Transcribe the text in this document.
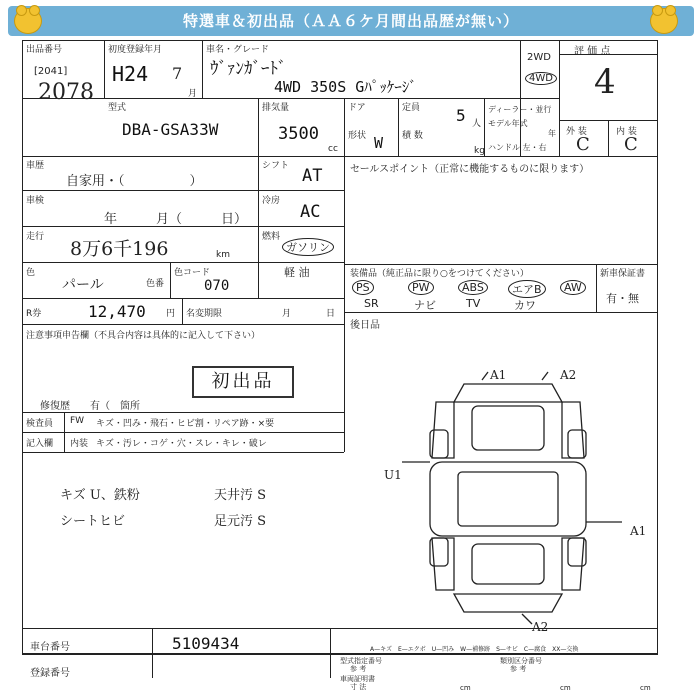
特選車＆初出品（ＡＡ６ケ月間出品歴が無い）
出品番号
[2041]
2078
初度登録年月
H24 7
月
車名・グレード
ｳﾞｧﾝｶﾞｰﾄﾞ
4WD 350S Gﾊﾟｯｹｰｼﾞ
2WD
4WD
評 価 点
4
外 装	内 装
C C
型式
DBA-GSA33W
排気量
3500
cc
ドア
形状 W
定員 5 人
積 数
kg
ディーラー・並行
モデル年式
年
ハンドル 左・右
車歴
自家用・（　　　　　）
シフト AT
車検
年　　　月（　　　日）
冷房
AC
走行
8万6千196	km
燃料
ガソリン
軽 油
色
パール	色番
色コード
070
R券	12,470 円 名変期限	月	日
注意事項申告欄（不具合内容は具体的に記入して下さい）
初出品
修復歴　　有（　箇所
検査員
記入欄
FW キズ・凹み・飛石・ヒビ割・リペア跡・×要
内装 キズ・汚レ・コゲ・穴・スレ・キレ・破レ
キズ U、鉄粉
シートヒビ
天井汚 S
足元汚 S
セールスポイント（正常に機能するものに限ります）
装備品（純正品に限り○をつけてください）	新車保証書
有・無
PS	PW	ABS	エアB	AW
SR	ナビ	TV	カワ
後日品
A1	A2
U1
A1
A2
A—キズ　E—エクボ　U—凹み　W—補修跡　S—サビ　C—腐食　XX—交換
車台番号	5109434
登録番号
型式指定番号
参 考
類別区分番号
参 考
車両証明書
寸 法	cm	cm	cm
